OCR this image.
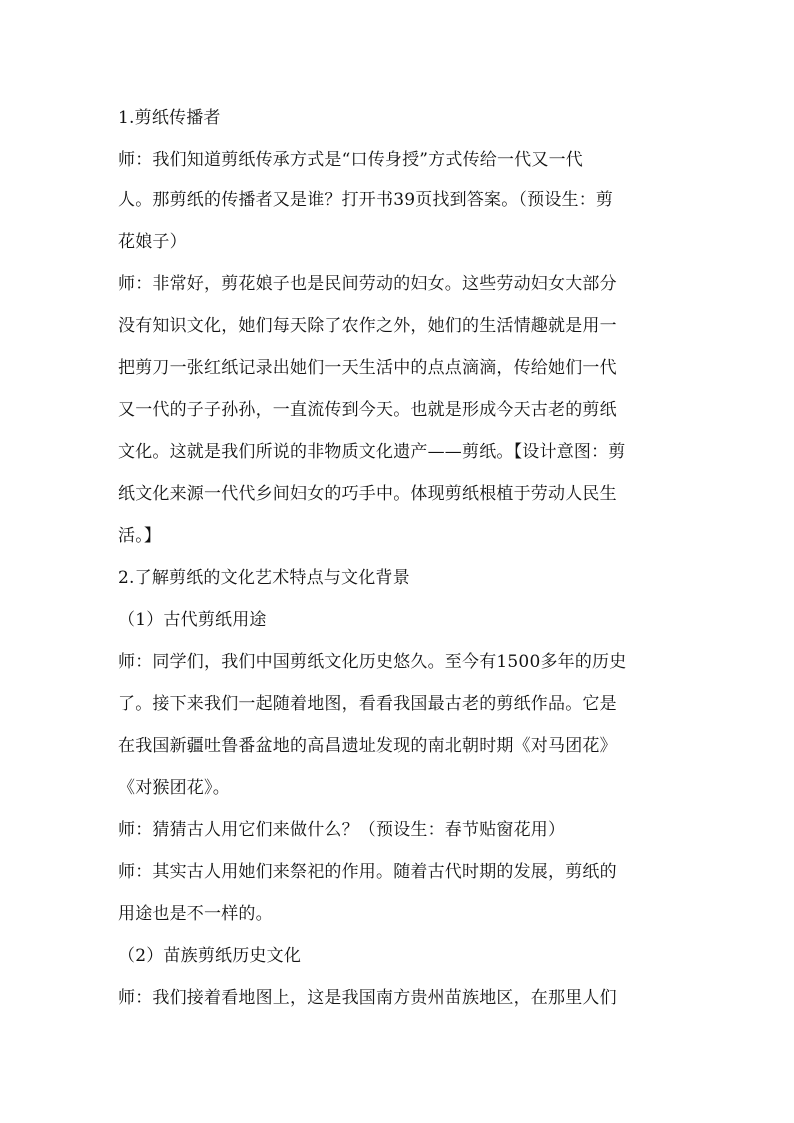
1.剪纸传播者
师：我们知道剪纸传承方式是“口传身授”方式传给一代又一代
人。那剪纸的传播者又是谁？打开书39页找到答案。（预设生：剪
花娘子）
师：非常好，剪花娘子也是民间劳动的妇女。这些劳动妇女大部分
没有知识文化，她们每天除了农作之外，她们的生活情趣就是用一
把剪刀一张红纸记录出她们一天生活中的点点滴滴，传给她们一代
又一代的子子孙孙，一直流传到今天。也就是形成今天古老的剪纸
文化。这就是我们所说的非物质文化遗产——剪纸。【设计意图：剪
纸文化来源一代代乡间妇女的巧手中。体现剪纸根植于劳动人民生
活。】
2.了解剪纸的文化艺术特点与文化背景
（1）古代剪纸用途
师：同学们，我们中国剪纸文化历史悠久。至今有1500多年的历史
了。接下来我们一起随着地图，看看我国最古老的剪纸作品。它是
在我国新疆吐鲁番盆地的高昌遗址发现的南北朝时期《对马团花》
《对猴团花》。
师：猜猜古人用它们来做什么？（预设生：春节贴窗花用）
师：其实古人用她们来祭祀的作用。随着古代时期的发展，剪纸的
用途也是不一样的。
（2）苗族剪纸历史文化
师：我们接着看地图上，这是我国南方贵州苗族地区，在那里人们
